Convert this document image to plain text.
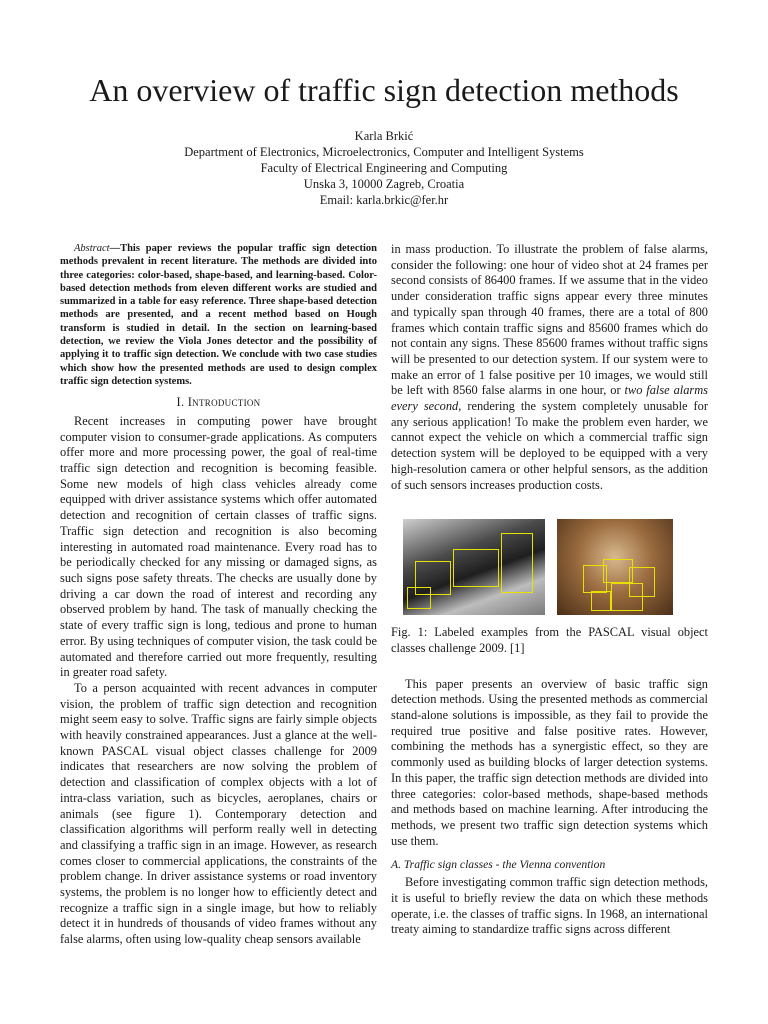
An overview of traffic sign detection methods
Karla Brkić
Department of Electronics, Microelectronics, Computer and Intelligent Systems
Faculty of Electrical Engineering and Computing
Unska 3, 10000 Zagreb, Croatia
Email: karla.brkic@fer.hr

Abstract—This paper reviews the popular traffic sign detection methods prevalent in recent literature. The methods are divided into three categories: color-based, shape-based, and learning-based. Color-based detection methods from eleven different works are studied and summarized in a table for easy reference. Three shape-based detection methods are presented, and a recent method based on Hough transform is studied in detail. In the section on learning-based detection, we review the Viola Jones detector and the possibility of applying it to traffic sign detection. We conclude with two case studies which show how the presented methods are used to design complex traffic sign detection systems.

I. Introduction

Recent increases in computing power have brought computer vision to consumer-grade applications. As computers offer more and more processing power, the goal of real-time traffic sign detection and recognition is becoming feasible. Some new models of high class vehicles already come equipped with driver assistance systems which offer automated detection and recognition of certain classes of traffic signs. Traffic sign detection and recognition is also becoming interesting in automated road maintenance. Every road has to be periodically checked for any missing or damaged signs, as such signs pose safety threats. The checks are usually done by driving a car down the road of interest and recording any observed problem by hand. The task of manually checking the state of every traffic sign is long, tedious and prone to human error. By using techniques of computer vision, the task could be automated and therefore carried out more frequently, resulting in greater road safety.

To a person acquainted with recent advances in computer vision, the problem of traffic sign detection and recognition might seem easy to solve. Traffic signs are fairly simple objects with heavily constrained appearances. Just a glance at the well-known PASCAL visual object classes challenge for 2009 indicates that researchers are now solving the problem of detection and classification of complex objects with a lot of intra-class variation, such as bicycles, aeroplanes, chairs or animals (see figure 1). Contemporary detection and classification algorithms will perform really well in detecting and classifying a traffic sign in an image. However, as research comes closer to commercial applications, the constraints of the problem change. In driver assistance systems or road inventory systems, the problem is no longer how to efficiently detect and recognize a traffic sign in a single image, but how to reliably detect it in hundreds of thousands of video frames without any false alarms, often using low-quality cheap sensors available

in mass production. To illustrate the problem of false alarms, consider the following: one hour of video shot at 24 frames per second consists of 86400 frames. If we assume that in the video under consideration traffic signs appear every three minutes and typically span through 40 frames, there are a total of 800 frames which contain traffic signs and 85600 frames which do not contain any signs. These 85600 frames without traffic signs will be presented to our detection system. If our system were to make an error of 1 false positive per 10 images, we would still be left with 8560 false alarms in one hour, or two false alarms every second, rendering the system completely unusable for any serious application! To make the problem even harder, we cannot expect the vehicle on which a commercial traffic sign detection system will be deployed to be equipped with a very high-resolution camera or other helpful sensors, as the addition of such sensors increases production costs.

Fig. 1: Labeled examples from the PASCAL visual object classes challenge 2009. [1]

This paper presents an overview of basic traffic sign detection methods. Using the presented methods as commercial stand-alone solutions is impossible, as they fail to provide the required true positive and false positive rates. However, combining the methods has a synergistic effect, so they are commonly used as building blocks of larger detection systems. In this paper, the traffic sign detection methods are divided into three categories: color-based methods, shape-based methods and methods based on machine learning. After introducing the methods, we present two traffic sign detection systems which use them.

A. Traffic sign classes - the Vienna convention

Before investigating common traffic sign detection methods, it is useful to briefly review the data on which these methods operate, i.e. the classes of traffic signs. In 1968, an international treaty aiming to standardize traffic signs across different
